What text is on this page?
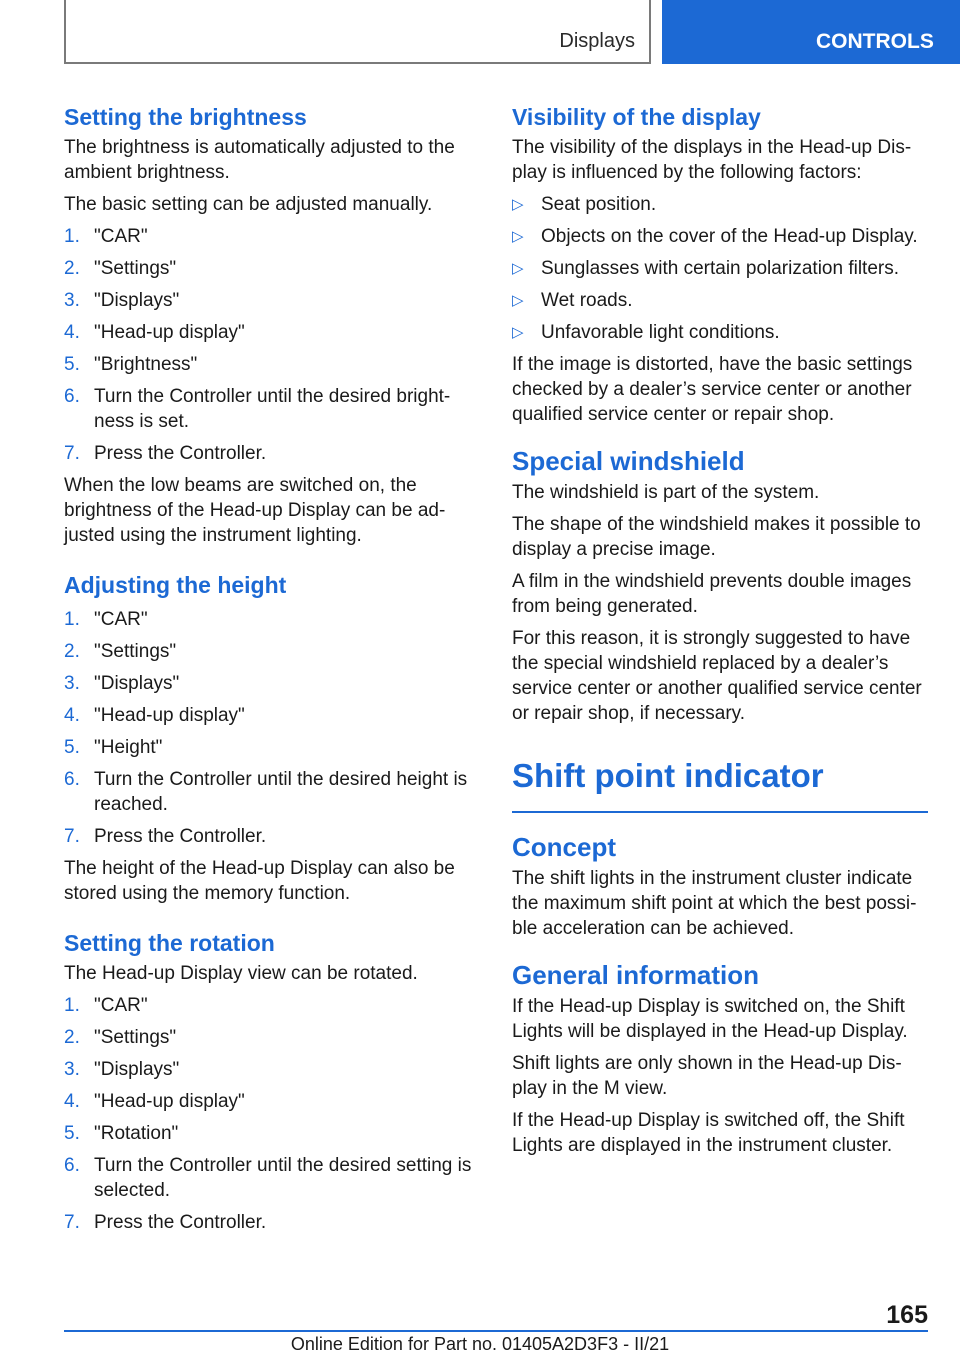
Displays	CONTROLS
Setting the brightness

The brightness is automatically adjusted to the ambient brightness.

The basic setting can be adjusted manually.

1. "CAR"
2. "Settings"
3. "Displays"
4. "Head-up display"
5. "Brightness"
6. Turn the Controller until the desired bright‐ness is set.
7. Press the Controller.

When the low beams are switched on, the brightness of the Head-up Display can be ad‐justed using the instrument lighting.

Adjusting the height
1. "CAR"
2. "Settings"
3. "Displays"
4. "Head-up display"
5. "Height"
6. Turn the Controller until the desired height is reached.
7. Press the Controller.

The height of the Head-up Display can also be stored using the memory function.

Setting the rotation

The Head-up Display view can be rotated.

1. "CAR"
2. "Settings"
3. "Displays"
4. "Head-up display"
5. "Rotation"
6. Turn the Controller until the desired setting is selected.
7. Press the Controller.
Visibility of the display

The visibility of the displays in the Head-up Dis‐play is influenced by the following factors:

▷ Seat position.
▷ Objects on the cover of the Head-up Display.
▷ Sunglasses with certain polarization filters.
▷ Wet roads.
▷ Unfavorable light conditions.

If the image is distorted, have the basic settings checked by a dealer’s service center or another qualified service center or repair shop.

Special windshield

The windshield is part of the system.

The shape of the windshield makes it possible to display a precise image.

A film in the windshield prevents double images from being generated.

For this reason, it is strongly suggested to have the special windshield replaced by a dealer’s service center or another qualified service center or repair shop, if necessary.

Shift point indicator
Concept

The shift lights in the instrument cluster indicate the maximum shift point at which the best possi‐ble acceleration can be achieved.

General information

If the Head-up Display is switched on, the Shift Lights will be displayed in the Head-up Display.

Shift lights are only shown in the Head-up Dis‐play in the M view.

If the Head-up Display is switched off, the Shift Lights are displayed in the instrument cluster.

165
Online Edition for Part no. 01405A2D3F3 - II/21
